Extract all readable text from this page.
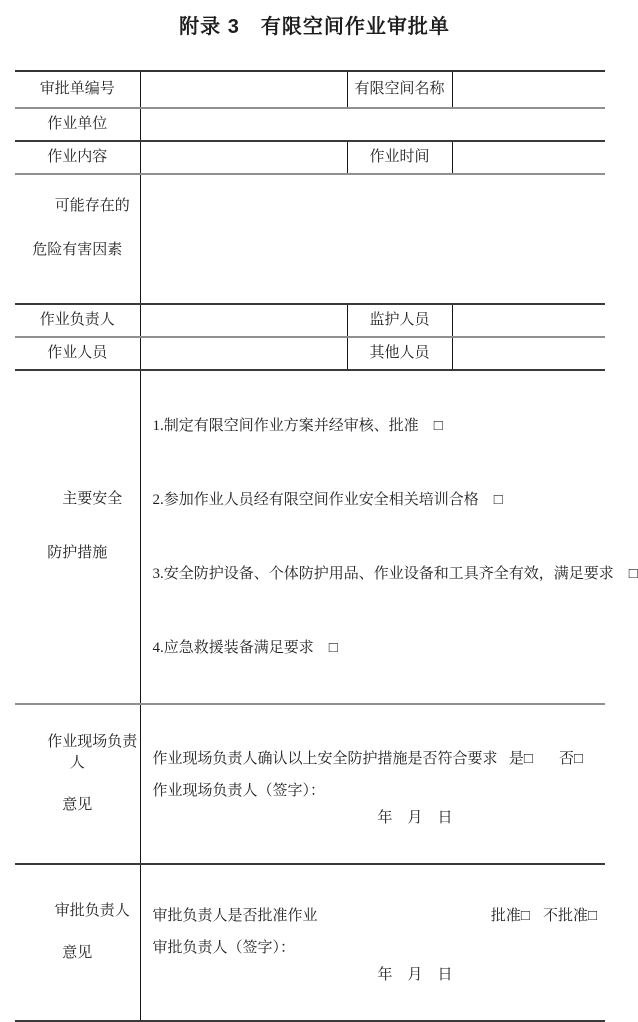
附录 3　有限空间作业审批单

审批单编号		有限空间名称	
作业单位			
作业内容		作业时间	

可能存在的

危险有害因素			

作业负责人		监护人员	
作业人员		其他人员	

主要安全

防护措施

1.制定有限空间作业方案并经审核、批准　□

2.参加作业人员经有限空间作业安全相关培训合格　□

3.安全防护设备、个体防护用品、作业设备和工具齐全有效，满足要求　□

4.应急救援装备满足要求　□

作业现场负责人

意见

作业现场负责人确认以上安全防护措施是否符合要求 是□ 否□
作业现场负责人（签字）：
年　月　日

审批负责人

意见

审批负责人是否批准作业	批准□ 不批准□
审批负责人（签字）：
年　月　日
